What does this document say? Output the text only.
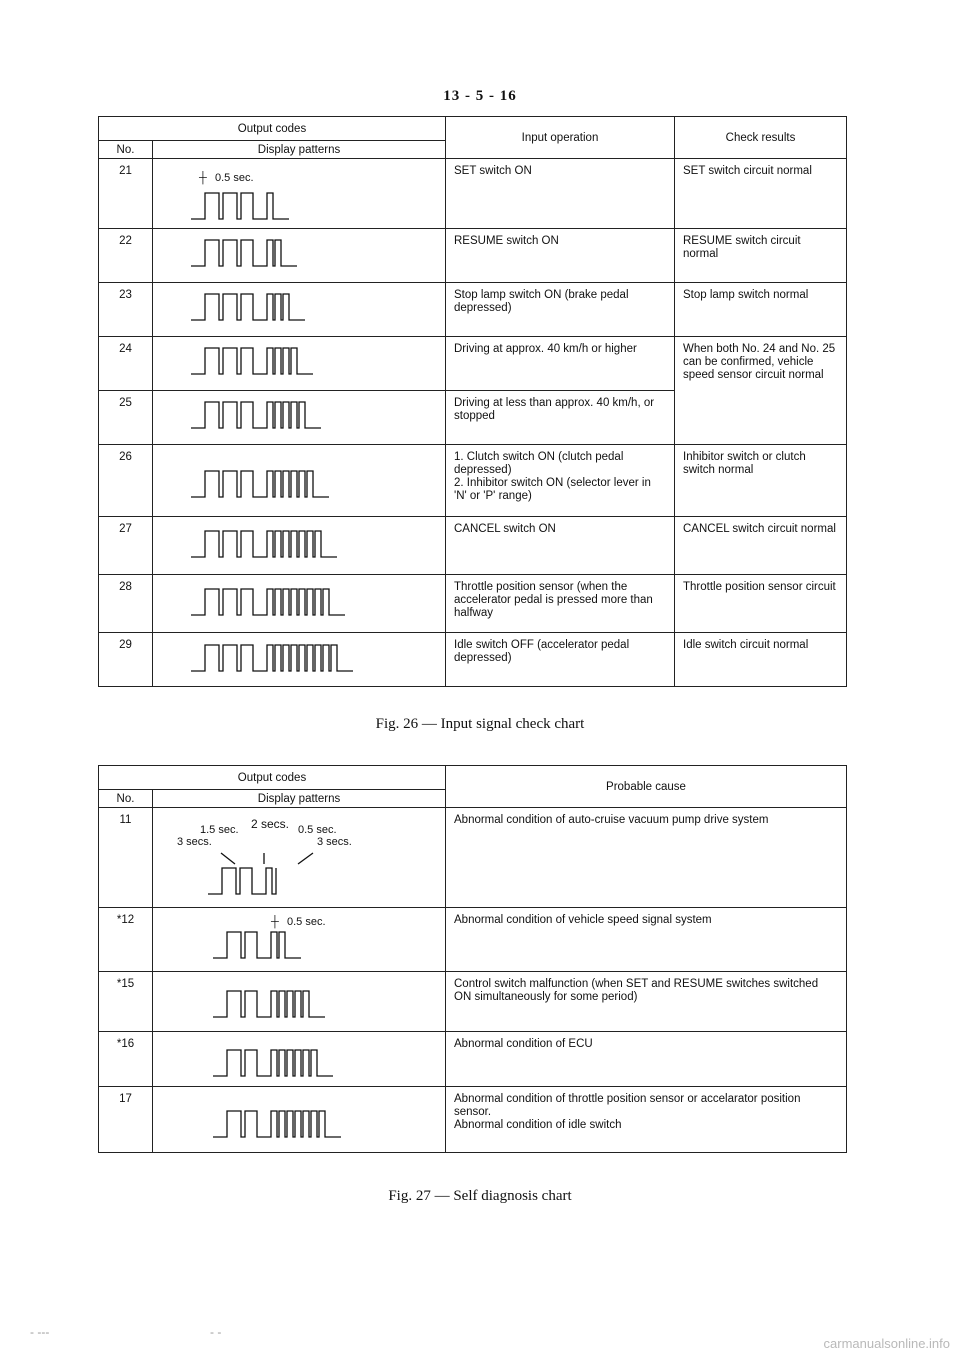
13 - 5 - 16
Output codes		Input operation	Check results
No.	Display patterns		
21	┼ 0.5 sec.	SET switch ON	SET switch circuit normal
22		RESUME switch ON	RESUME switch circuit normal
23		Stop lamp switch ON (brake pedal depressed)	Stop lamp switch normal
24		Driving at approx. 40 km/h or higher	When both No. 24 and No. 25 can be confirmed, vehicle speed sensor circuit normal
25		Driving at less than approx. 40 km/h, or stopped	
26		1. Clutch switch ON (clutch pedal depressed)
2. Inhibitor switch ON (selector lever in 'N' or 'P' range)	Inhibitor switch or clutch switch normal
27		CANCEL switch ON	CANCEL switch circuit normal
28		Throttle position sensor (when the accelerator pedal is pressed more than halfway	Throttle position sensor circuit
29		Idle switch OFF (accelerator pedal depressed)	Idle switch circuit normal
Fig. 26 — Input signal check chart
Output codes		Probable cause
No.	Display patterns	
11	1.5 sec. 2 secs. 0.5 sec.
3 secs. 3 secs.	Abnormal condition of auto-cruise vacuum pump drive system
*12	┼ 0.5 sec.	Abnormal condition of vehicle speed signal system
*15		Control switch malfunction (when SET and RESUME switches switched ON simultaneously for some period)
*16		Abnormal condition of ECU
17		Abnormal condition of throttle position sensor or accelarator position sensor.
Abnormal condition of idle switch
Fig. 27 — Self diagnosis chart
‐ ‐‐‐	‐ ‐
carmanualsonline.info
